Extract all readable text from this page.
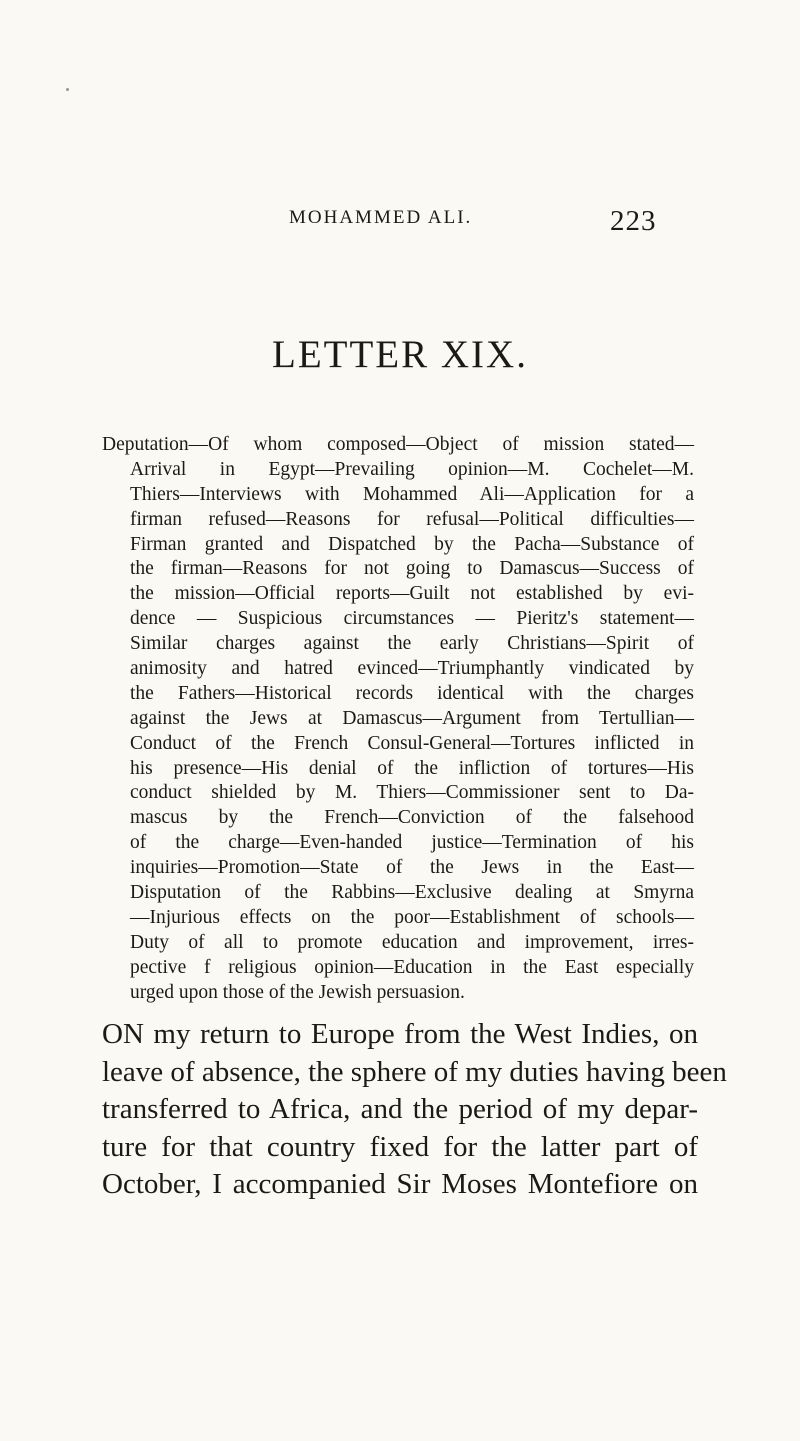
MOHAMMED ALI.	223
LETTER XIX.
Deputation—Of whom composed—Object of mission stated—
Arrival in Egypt—Prevailing opinion—M. Cochelet—M.
Thiers—Interviews with Mohammed Ali—Application for a
firman refused—Reasons for refusal—Political difficulties—
Firman granted and Dispatched by the Pacha—Substance of
the firman—Reasons for not going to Damascus—Success of
the mission—Official reports—Guilt not established by evi-
dence — Suspicious circumstances — Pieritz's statement—
Similar charges against the early Christians—Spirit of
animosity and hatred evinced—Triumphantly vindicated by
the Fathers—Historical records identical with the charges
against the Jews at Damascus—Argument from Tertullian—
Conduct of the French Consul-General—Tortures inflicted in
his presence—His denial of the infliction of tortures—His
conduct shielded by M. Thiers—Commissioner sent to Da-
mascus by the French—Conviction of the falsehood
of the charge—Even-handed justice—Termination of his
inquiries—Promotion—State of the Jews in the East—
Disputation of the Rabbins—Exclusive dealing at Smyrna
—Injurious effects on the poor—Establishment of schools—
Duty of all to promote education and improvement, irres-
pective f religious opinion—Education in the East especially
urged upon those of the Jewish persuasion.
ON my return to Europe from the West Indies, on
leave of absence, the sphere of my duties having been
transferred to Africa, and the period of my depar-
ture for that country fixed for the latter part of
October, I accompanied Sir Moses Montefiore on
